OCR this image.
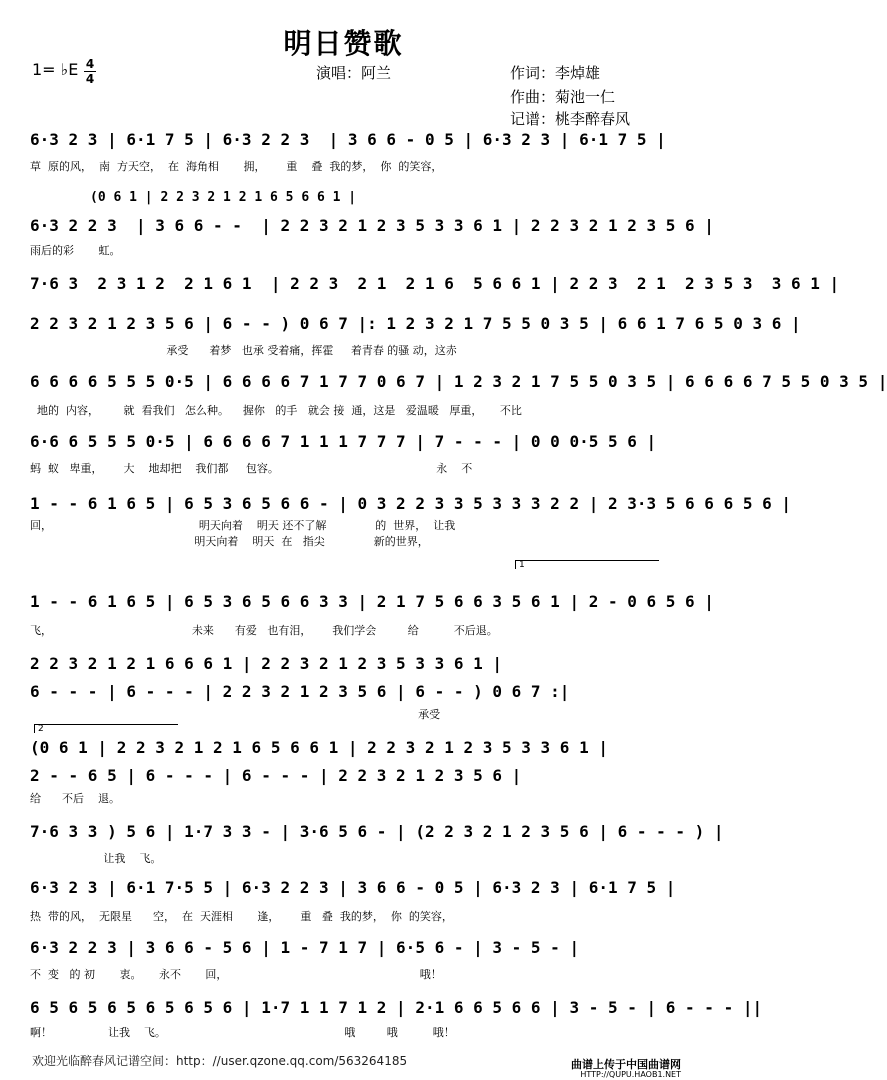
明日赞歌
1= ♭E 4
4	演唱：阿兰	作词：李焯雄
作曲：菊池一仁
记谱：桃李醉春风
6·3 2 3 | 6·1 7 5 | 6·3 2 2 3  | 3 6 6 - 0 5 | 6·3 2 3 | 6·1 7 5 |
草  原的风，  南  方天空，  在  海角相       拥，      重    叠  我的梦，  你  的笑容，
(0 6 1 | 2 2 3 2 1 2 1 6 5 6 6 1 |
6·3 2 2 3  | 3 6 6 - -  | 2 2 3 2 1 2 3 5 3 3 6 1 | 2 2 3 2 1 2 3 5 6 |
雨后的彩       虹。
7·6 3  2 3 1 2  2 1 6 1  | 2 2 3  2 1  2 1 6  5 6 6 1 | 2 2 3  2 1  2 3 5 3  3 6 1 |
2 2 3 2 1 2 3 5 6 | 6 - - ) 0 6 7 |: 1 2 3 2 1 7 5 5 0 3 5 | 6 6 1 7 6 5 0 3 6 |
承受      着梦   也承 受着痛，挥霍     着青春 的骚 动，这赤
6 6 6 6 5 5 5 0·5 | 6 6 6 6 7 1 7 7 0 6 7 | 1 2 3 2 1 7 5 5 0 3 5 | 6 6 6 6 7 5 5 0 3 5 |
地的  内容，       就  看我们   怎么种。    握你   的手   就会 接  通，这是   爱温暖   厚重，     不比
6·6 6 5 5 5 0·5 | 6 6 6 6 7 1 1 1 7 7 7 | 7 - - - | 0 0 0·5 5 6 |
蚂  蚁   卑重，      大    地却把    我们都     包容。                                             永    不
1 - - 6 1 6 5 | 6 5 3 6 5 6 6 - | 0 3 2 2 3 3 5 3 3 3 2 2 | 2 3·3 5 6 6 6 5 6 |
回，                                          明天向着    明天 还不了解              的  世界，  让我
明天向着    明天  在   指尖              新的世界，
1
1 - - 6 1 6 5 | 6 5 3 6 5 6 6 3 3 | 2 1 7 5 6 6 3 5 6 1 | 2 - 0 6 5 6 |
飞，                                        未来      有爱   也有泪，      我们学会         给          不后退。
2 2 3 2 1 2 1 6 6 6 1 | 2 2 3 2 1 2 3 5 3 3 6 1 |
6 - - - | 6 - - - | 2 2 3 2 1 2 3 5 6 | 6 - - ) 0 6 7 :|
承受
2
(0 6 1 | 2 2 3 2 1 2 1 6 5 6 6 1 | 2 2 3 2 1 2 3 5 3 3 6 1 |
2 - - 6 5 | 6 - - - | 6 - - - | 2 2 3 2 1 2 3 5 6 |
给      不后    退。
7·6 3 3 ) 5 6 | 1·7 3 3 - | 3·6 5 6 - | (2 2 3 2 1 2 3 5 6 | 6 - - - ) |
让我    飞。
6·3 2 3 | 6·1 7·5 5 | 6·3 2 2 3 | 3 6 6 - 0 5 | 6·3 2 3 | 6·1 7 5 |
热  带的风，  无限星      空，  在  天涯相       逢，      重   叠  我的梦，  你  的笑容，
6·3 2 2 3 | 3 6 6 - 5 6 | 1 - 7 1 7 | 6·5 6 - | 3 - 5 - |
不  变   的 初       衷。     永不       回，                                                       哦！
6 5 6 5 6 5 6 5 6 5 6 | 1·7 1 1 7 1 2 | 2·1 6 6 5 6 6 | 3 - 5 - | 6 - - - ||
啊！                让我    飞。                                                   哦         哦          哦！
欢迎光临醉春风记谱空间：http：//user.qzone.qq.com/563264185	曲谱上传于中国曲谱网
HTTP://QUPU.HAOB1.NET
